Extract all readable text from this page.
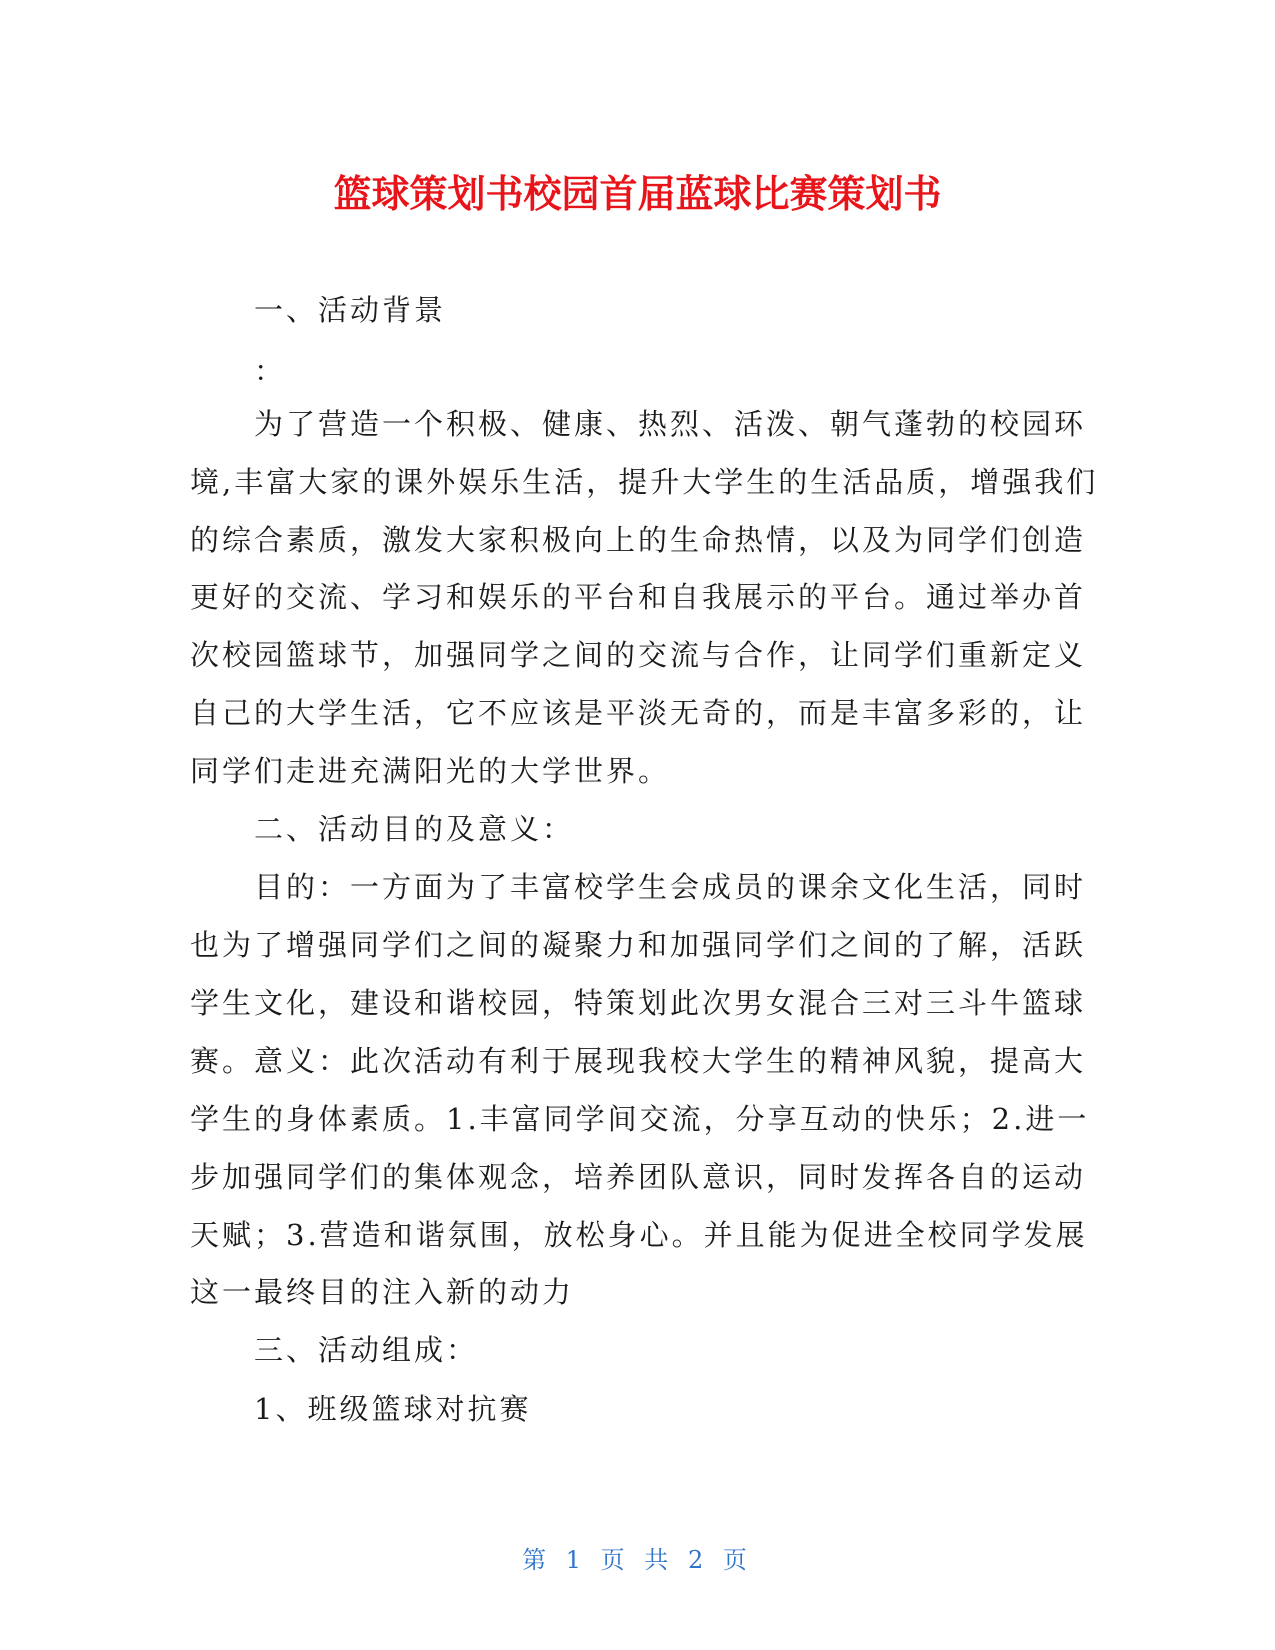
篮球策划书校园首届蓝球比赛策划书
　　一、活动背景
　　：
　　为了营造一个积极、健康、热烈、活泼、朝气蓬勃的校园环
境,丰富大家的课外娱乐生活，提升大学生的生活品质，增强我们
的综合素质，激发大家积极向上的生命热情，以及为同学们创造
更好的交流、学习和娱乐的平台和自我展示的平台。通过举办首
次校园篮球节，加强同学之间的交流与合作，让同学们重新定义
自己的大学生活，它不应该是平淡无奇的，而是丰富多彩的，让
同学们走进充满阳光的大学世界。
　　二、活动目的及意义：
　　目的：一方面为了丰富校学生会成员的课余文化生活，同时
也为了增强同学们之间的凝聚力和加强同学们之间的了解，活跃
学生文化，建设和谐校园，特策划此次男女混合三对三斗牛篮球
赛。意义：此次活动有利于展现我校大学生的精神风貌，提高大
学生的身体素质。1.丰富同学间交流，分享互动的快乐；2.进一
步加强同学们的集体观念，培养团队意识，同时发挥各自的运动
天赋；3.营造和谐氛围，放松身心。并且能为促进全校同学发展
这一最终目的注入新的动力
　　三、活动组成：
　　1、班级篮球对抗赛
第 1 页 共 2 页
